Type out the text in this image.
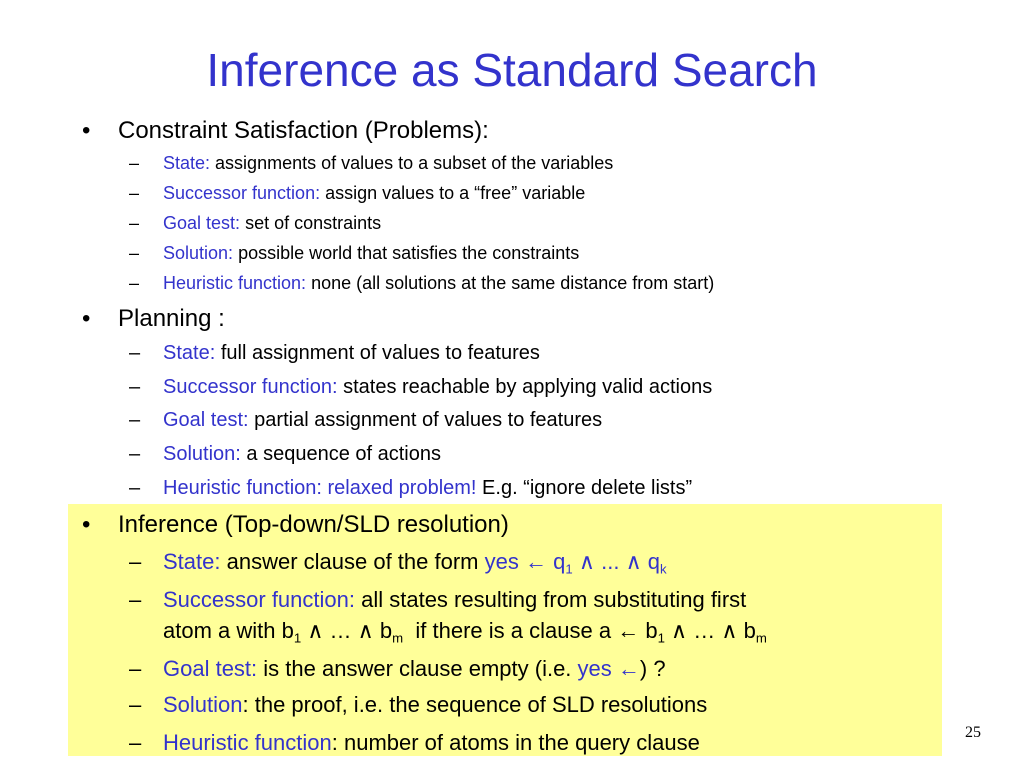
Inference as Standard Search
• Constraint Satisfaction (Problems):
– State: assignments of values to a subset of the variables
– Successor function: assign values to a “free” variable
– Goal test: set of constraints
– Solution: possible world that satisfies the constraints
– Heuristic function: none (all solutions at the same distance from start)
• Planning :
– State: full assignment of values to features
– Successor function: states reachable by applying valid actions
– Goal test: partial assignment of values to features
– Solution: a sequence of actions
– Heuristic function: relaxed problem! E.g. “ignore delete lists”
• Inference (Top-down/SLD resolution)
– State: answer clause of the form yes ← $q_1$ ∧ ... ∧ $q_k$
– Successor function: all states resulting from substituting first
atom a with $b_1$ ∧ … ∧ $b_m$ if there is a clause a ← $b_1$ ∧ … ∧ $b_m$
– Goal test: is the answer clause empty (i.e. yes ←) ?
– Solution: the proof, i.e. the sequence of SLD resolutions
– Heuristic function: number of atoms in the query clause	25
